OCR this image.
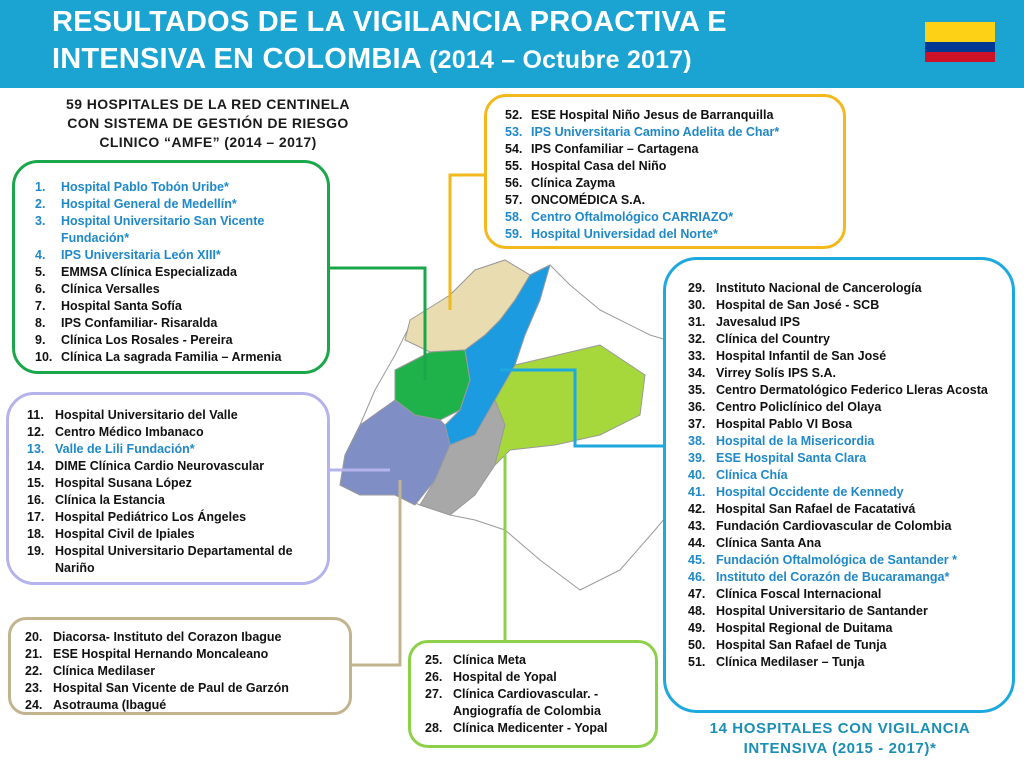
RESULTADOS DE LA VIGILANCIA PROACTIVA E
INTENSIVA EN COLOMBIA (2014 – Octubre 2017)
59 HOSPITALES DE LA RED CENTINELA
CON SISTEMA DE GESTIÓN DE RIESGO
CLINICO “AMFE” (2014 – 2017)
1.	Hospital Pablo Tobón Uribe*
2.	Hospital General de Medellín*
3.	Hospital Universitario San Vicente Fundación*
4.	IPS Universitaria León XIII*
5.	EMMSA Clínica Especializada
6.	Clínica Versalles
7.	Hospital Santa Sofía
8.	IPS Confamiliar- Risaralda
9.	Clínica Los Rosales - Pereira
10. Clínica La sagrada Familia – Armenia
52. ESE Hospital Niño Jesus de Barranquilla
53. IPS Universitaria Camino Adelita de Char*
54. IPS Confamiliar – Cartagena
55. Hospital Casa del Niño
56. Clínica Zayma
57. ONCOMÉDICA S.A.
58. Centro Oftalmológico CARRIAZO*
59. Hospital Universidad del Norte*
11. Hospital Universitario del Valle
12. Centro Médico Imbanaco
13. Valle de Lili Fundación*
14. DIME Clínica Cardio Neurovascular
15. Hospital Susana López
16. Clínica la Estancia
17. Hospital Pediátrico Los Ángeles
18. Hospital Civil de Ipiales
19. Hospital Universitario Departamental de Nariño
20. Diacorsa- Instituto del Corazon Ibague
21. ESE Hospital Hernando Moncaleano
22. Clínica Medilaser
23. Hospital San Vicente de Paul de Garzón
24. Asotrauma (Ibagué
25. Clínica Meta
26. Hospital de Yopal
27. Clínica Cardiovascular. - Angiografía de Colombia
28. Clínica Medicenter - Yopal
29. Instituto Nacional de Cancerología
30. Hospital de San José - SCB
31. Javesalud IPS
32. Clínica del Country
33. Hospital Infantil de San José
34. Virrey Solís IPS S.A.
35. Centro Dermatológico Federico Lleras Acosta
36. Centro Policlínico del Olaya
37. Hospital Pablo VI Bosa
38. Hospital de la Misericordia
39. ESE Hospital Santa Clara
40. Clínica Chía
41. Hospital Occidente de Kennedy
42. Hospital San Rafael de Facatativá
43. Fundación Cardiovascular de Colombia
44. Clínica Santa Ana
45. Fundación Oftalmológica de Santander *
46. Instituto del Corazón de Bucaramanga*
47. Clínica Foscal Internacional
48. Hospital Universitario de Santander
49. Hospital Regional de Duitama
50. Hospital San Rafael de Tunja
51. Clínica Medilaser – Tunja
14 HOSPITALES CON VIGILANCIA
INTENSIVA (2015 - 2017)*
